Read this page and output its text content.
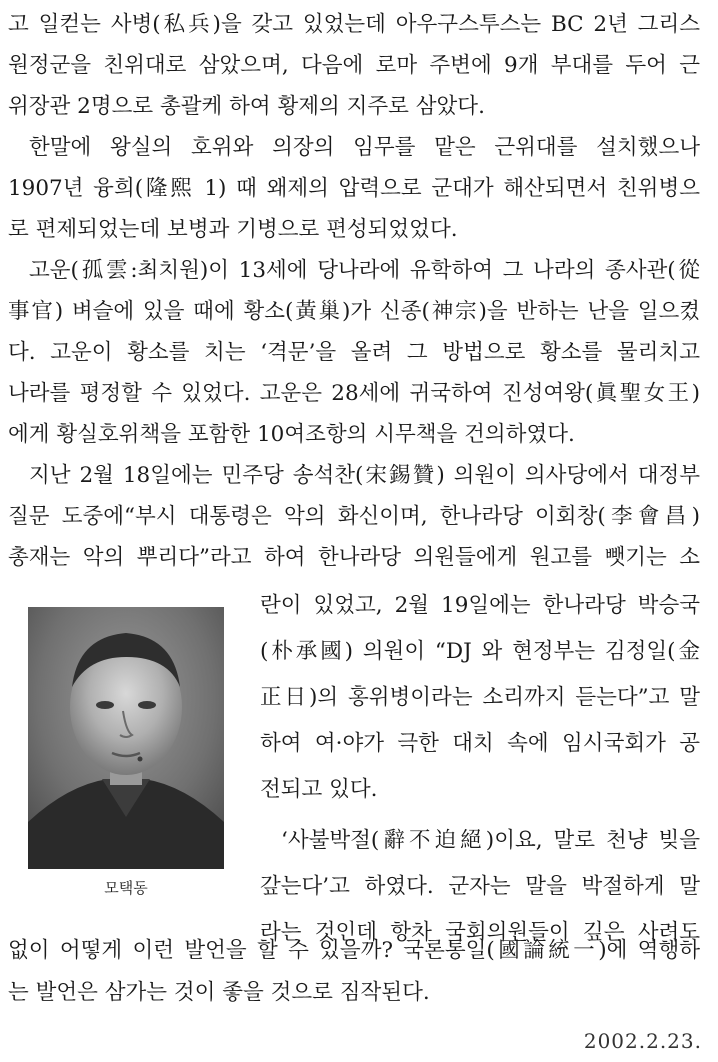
고 일컫는 사병(私兵)을 갖고 있었는데 아우구스투스는 BC 2년 그리스
원정군을 친위대로 삼았으며, 다음에 로마 주변에 9개 부대를 두어 근
위장관 2명으로 총괄케 하여 황제의 지주로 삼았다.
한말에 왕실의 호위와 의장의 임무를 맡은 근위대를 설치했으나
1907년 융희(隆熙 1) 때 왜제의 압력으로 군대가 해산되면서 친위병으
로 편제되었는데 보병과 기병으로 편성되었었다.
고운(孤雲:최치원)이 13세에 당나라에 유학하여 그 나라의 종사관(從
事官) 벼슬에 있을 때에 황소(黃巢)가 신종(神宗)을 반하는 난을 일으켰
다. 고운이 황소를 치는 ‘격문’을 올려 그 방법으로 황소를 물리치고
나라를 평정할 수 있었다. 고운은 28세에 귀국하여 진성여왕(眞聖女王)
에게 황실호위책을 포함한 10여조항의 시무책을 건의하였다.
지난 2월 18일에는 민주당 송석찬(宋錫贊) 의원이 의사당에서 대정부
질문 도중에“부시 대통령은 악의 화신이며, 한나라당 이회창(李會昌)
총재는 악의 뿌리다”라고 하여 한나라당 의원들에게 원고를 뺏기는 소
란이 있었고, 2월 19일에는 한나라당 박승국
(朴承國) 의원이 “DJ 와 현정부는 김정일(金
正日)의 홍위병이라는 소리까지 듣는다”고 말
하여 여·야가 극한 대치 속에 임시국회가 공
전되고 있다.
‘사불박절(辭不迫絕)이요, 말로 천냥 빚을
갚는다’고 하였다. 군자는 말을 박절하게 말
라는 것인데 항차 국회의원들이 깊은 사려도
없이 어떻게 이런 발언을 할 수 있을까? 국론통일(國論統一)에 역행하
는 발언은 삼가는 것이 좋을 것으로 짐작된다.
모택동
2002.2.23.
